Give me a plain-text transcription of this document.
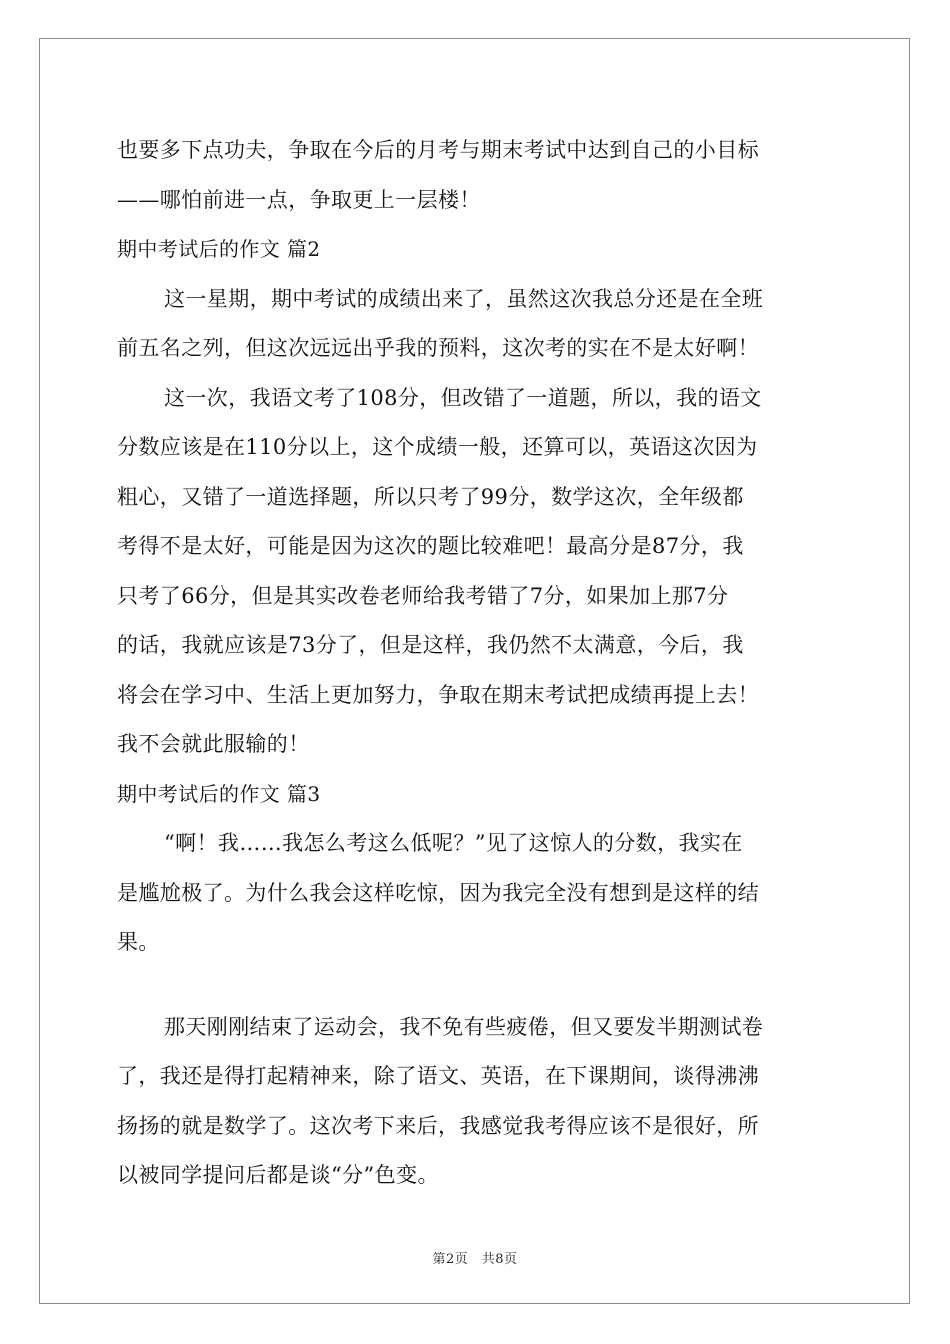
也要多下点功夫，争取在今后的月考与期末考试中达到自己的小目标
——哪怕前进一点，争取更上一层楼！
期中考试后的作文 篇2
这一星期，期中考试的成绩出来了，虽然这次我总分还是在全班
前五名之列，但这次远远出乎我的预料，这次考的实在不是太好啊！
这一次，我语文考了108分，但改错了一道题，所以，我的语文
分数应该是在110分以上，这个成绩一般，还算可以，英语这次因为
粗心，又错了一道选择题，所以只考了99分，数学这次，全年级都
考得不是太好，可能是因为这次的题比较难吧！最高分是87分，我
只考了66分，但是其实改卷老师给我考错了7分，如果加上那7分
的话，我就应该是73分了，但是这样，我仍然不太满意，今后，我
将会在学习中、生活上更加努力，争取在期末考试把成绩再提上去！
我不会就此服输的！
期中考试后的作文 篇3
“啊！我……我怎么考这么低呢？”见了这惊人的分数，我实在
是尴尬极了。为什么我会这样吃惊，因为我完全没有想到是这样的结
果。
那天刚刚结束了运动会，我不免有些疲倦，但又要发半期测试卷
了，我还是得打起精神来，除了语文、英语，在下课期间，谈得沸沸
扬扬的就是数学了。这次考下来后，我感觉我考得应该不是很好，所
以被同学提问后都是谈“分”色变。
第2页　共8页
